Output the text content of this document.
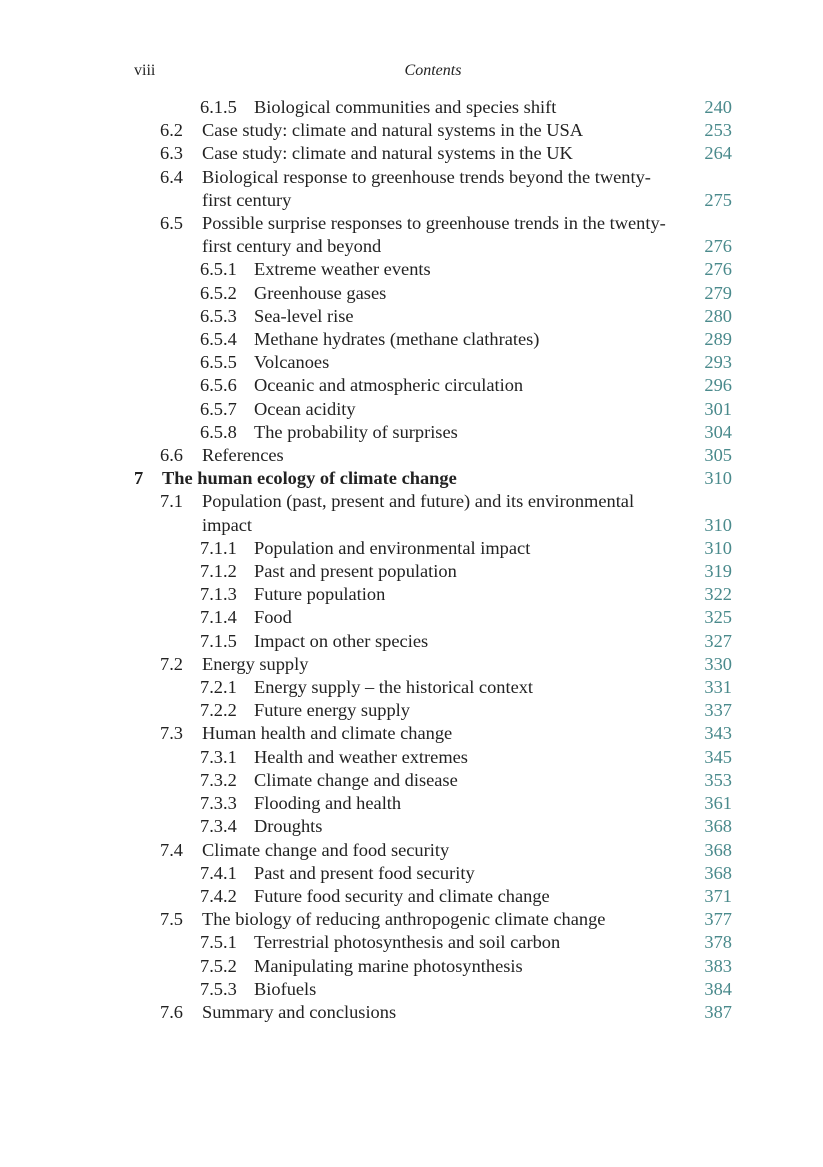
viii	Contents
6.1.5 Biological communities and species shift	240
6.2 Case study: climate and natural systems in the USA	253
6.3 Case study: climate and natural systems in the UK	264
6.4 Biological response to greenhouse trends beyond the twenty-first century	275
6.5 Possible surprise responses to greenhouse trends in the twenty-first century and beyond	276
6.5.1 Extreme weather events	276
6.5.2 Greenhouse gases	279
6.5.3 Sea-level rise	280
6.5.4 Methane hydrates (methane clathrates)	289
6.5.5 Volcanoes	293
6.5.6 Oceanic and atmospheric circulation	296
6.5.7 Ocean acidity	301
6.5.8 The probability of surprises	304
6.6 References	305
7 The human ecology of climate change	310
7.1 Population (past, present and future) and its environmental impact	310
7.1.1 Population and environmental impact	310
7.1.2 Past and present population	319
7.1.3 Future population	322
7.1.4 Food	325
7.1.5 Impact on other species	327
7.2 Energy supply	330
7.2.1 Energy supply – the historical context	331
7.2.2 Future energy supply	337
7.3 Human health and climate change	343
7.3.1 Health and weather extremes	345
7.3.2 Climate change and disease	353
7.3.3 Flooding and health	361
7.3.4 Droughts	368
7.4 Climate change and food security	368
7.4.1 Past and present food security	368
7.4.2 Future food security and climate change	371
7.5 The biology of reducing anthropogenic climate change	377
7.5.1 Terrestrial photosynthesis and soil carbon	378
7.5.2 Manipulating marine photosynthesis	383
7.5.3 Biofuels	384
7.6 Summary and conclusions	387
